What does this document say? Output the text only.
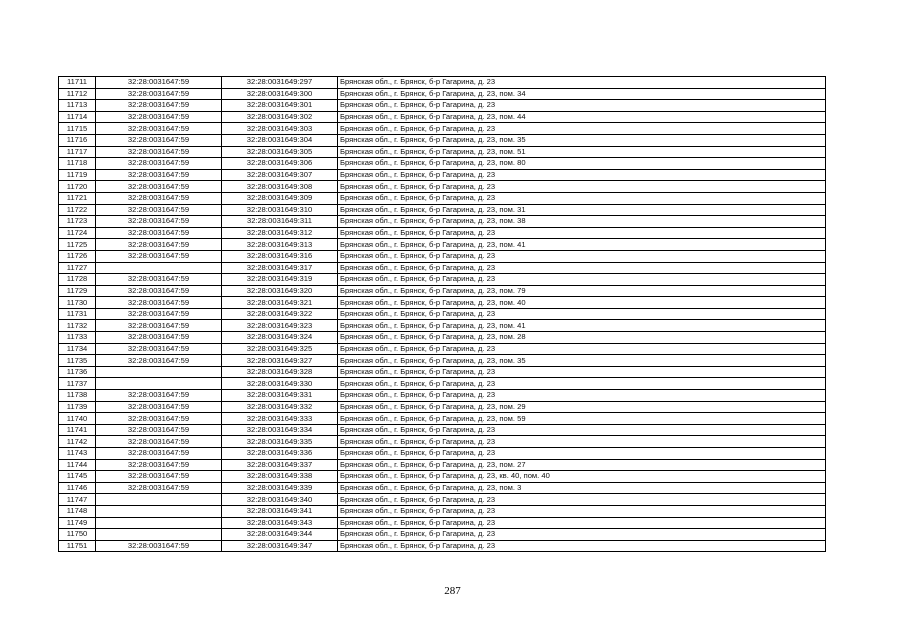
11711	32:28:0031647:59	32:28:0031649:297	Брянская обл., г. Брянск, б-р Гагарина, д. 23
11712	32:28:0031647:59	32:28:0031649:300	Брянская обл., г. Брянск, б-р Гагарина, д. 23, пом. 34
11713	32:28:0031647:59	32:28:0031649:301	Брянская обл., г. Брянск, б-р Гагарина, д. 23
11714	32:28:0031647:59	32:28:0031649:302	Брянская обл., г. Брянск, б-р Гагарина, д. 23, пом. 44
11715	32:28:0031647:59	32:28:0031649:303	Брянская обл., г. Брянск, б-р Гагарина, д. 23
11716	32:28:0031647:59	32:28:0031649:304	Брянская обл., г. Брянск, б-р Гагарина, д. 23, пом. 35
11717	32:28:0031647:59	32:28:0031649:305	Брянская обл., г. Брянск, б-р Гагарина, д. 23, пом. 51
11718	32:28:0031647:59	32:28:0031649:306	Брянская обл., г. Брянск, б-р Гагарина, д. 23, пом. 80
11719	32:28:0031647:59	32:28:0031649:307	Брянская обл., г. Брянск, б-р Гагарина, д. 23
11720	32:28:0031647:59	32:28:0031649:308	Брянская обл., г. Брянск, б-р Гагарина, д. 23
11721	32:28:0031647:59	32:28:0031649:309	Брянская обл., г. Брянск, б-р Гагарина, д. 23
11722	32:28:0031647:59	32:28:0031649:310	Брянская обл., г. Брянск, б-р Гагарина, д. 23, пом. 31
11723	32:28:0031647:59	32:28:0031649:311	Брянская обл., г. Брянск, б-р Гагарина, д. 23, пом. 38
11724	32:28:0031647:59	32:28:0031649:312	Брянская обл., г. Брянск, б-р Гагарина, д. 23
11725	32:28:0031647:59	32:28:0031649:313	Брянская обл., г. Брянск, б-р Гагарина, д. 23, пом. 41
11726	32:28:0031647:59	32:28:0031649:316	Брянская обл., г. Брянск, б-р Гагарина, д. 23
11727		32:28:0031649:317	Брянская обл., г. Брянск, б-р Гагарина, д. 23
11728	32:28:0031647:59	32:28:0031649:319	Брянская обл., г. Брянск, б-р Гагарина, д. 23
11729	32:28:0031647:59	32:28:0031649:320	Брянская обл., г. Брянск, б-р Гагарина, д. 23, пом. 79
11730	32:28:0031647:59	32:28:0031649:321	Брянская обл., г. Брянск, б-р Гагарина, д. 23, пом. 40
11731	32:28:0031647:59	32:28:0031649:322	Брянская обл., г. Брянск, б-р Гагарина, д. 23
11732	32:28:0031647:59	32:28:0031649:323	Брянская обл., г. Брянск, б-р Гагарина, д. 23, пом. 41
11733	32:28:0031647:59	32:28:0031649:324	Брянская обл., г. Брянск, б-р Гагарина, д. 23, пом. 28
11734	32:28:0031647:59	32:28:0031649:325	Брянская обл., г. Брянск, б-р Гагарина, д. 23
11735	32:28:0031647:59	32:28:0031649:327	Брянская обл., г. Брянск, б-р Гагарина, д. 23, пом. 35
11736		32:28:0031649:328	Брянская обл., г. Брянск, б-р Гагарина, д. 23
11737		32:28:0031649:330	Брянская обл., г. Брянск, б-р Гагарина, д. 23
11738	32:28:0031647:59	32:28:0031649:331	Брянская обл., г. Брянск, б-р Гагарина, д. 23
11739	32:28:0031647:59	32:28:0031649:332	Брянская обл., г. Брянск, б-р Гагарина, д. 23, пом. 29
11740	32:28:0031647:59	32:28:0031649:333	Брянская обл., г. Брянск, б-р Гагарина, д. 23, пом. 59
11741	32:28:0031647:59	32:28:0031649:334	Брянская обл., г. Брянск, б-р Гагарина, д. 23
11742	32:28:0031647:59	32:28:0031649:335	Брянская обл., г. Брянск, б-р Гагарина, д. 23
11743	32:28:0031647:59	32:28:0031649:336	Брянская обл., г. Брянск, б-р Гагарина, д. 23
11744	32:28:0031647:59	32:28:0031649:337	Брянская обл., г. Брянск, б-р Гагарина, д. 23, пом. 27
11745	32:28:0031647:59	32:28:0031649:338	Брянская обл., г. Брянск, б-р Гагарина, д. 23, кв. 40, пом. 40
11746	32:28:0031647:59	32:28:0031649:339	Брянская обл., г. Брянск, б-р Гагарина, д. 23, пом. 3
11747		32:28:0031649:340	Брянская обл., г. Брянск, б-р Гагарина, д. 23
11748		32:28:0031649:341	Брянская обл., г. Брянск, б-р Гагарина, д. 23
11749		32:28:0031649:343	Брянская обл., г. Брянск, б-р Гагарина, д. 23
11750		32:28:0031649:344	Брянская обл., г. Брянск, б-р Гагарина, д. 23
11751	32:28:0031647:59	32:28:0031649:347	Брянская обл., г. Брянск, б-р Гагарина, д. 23
287
